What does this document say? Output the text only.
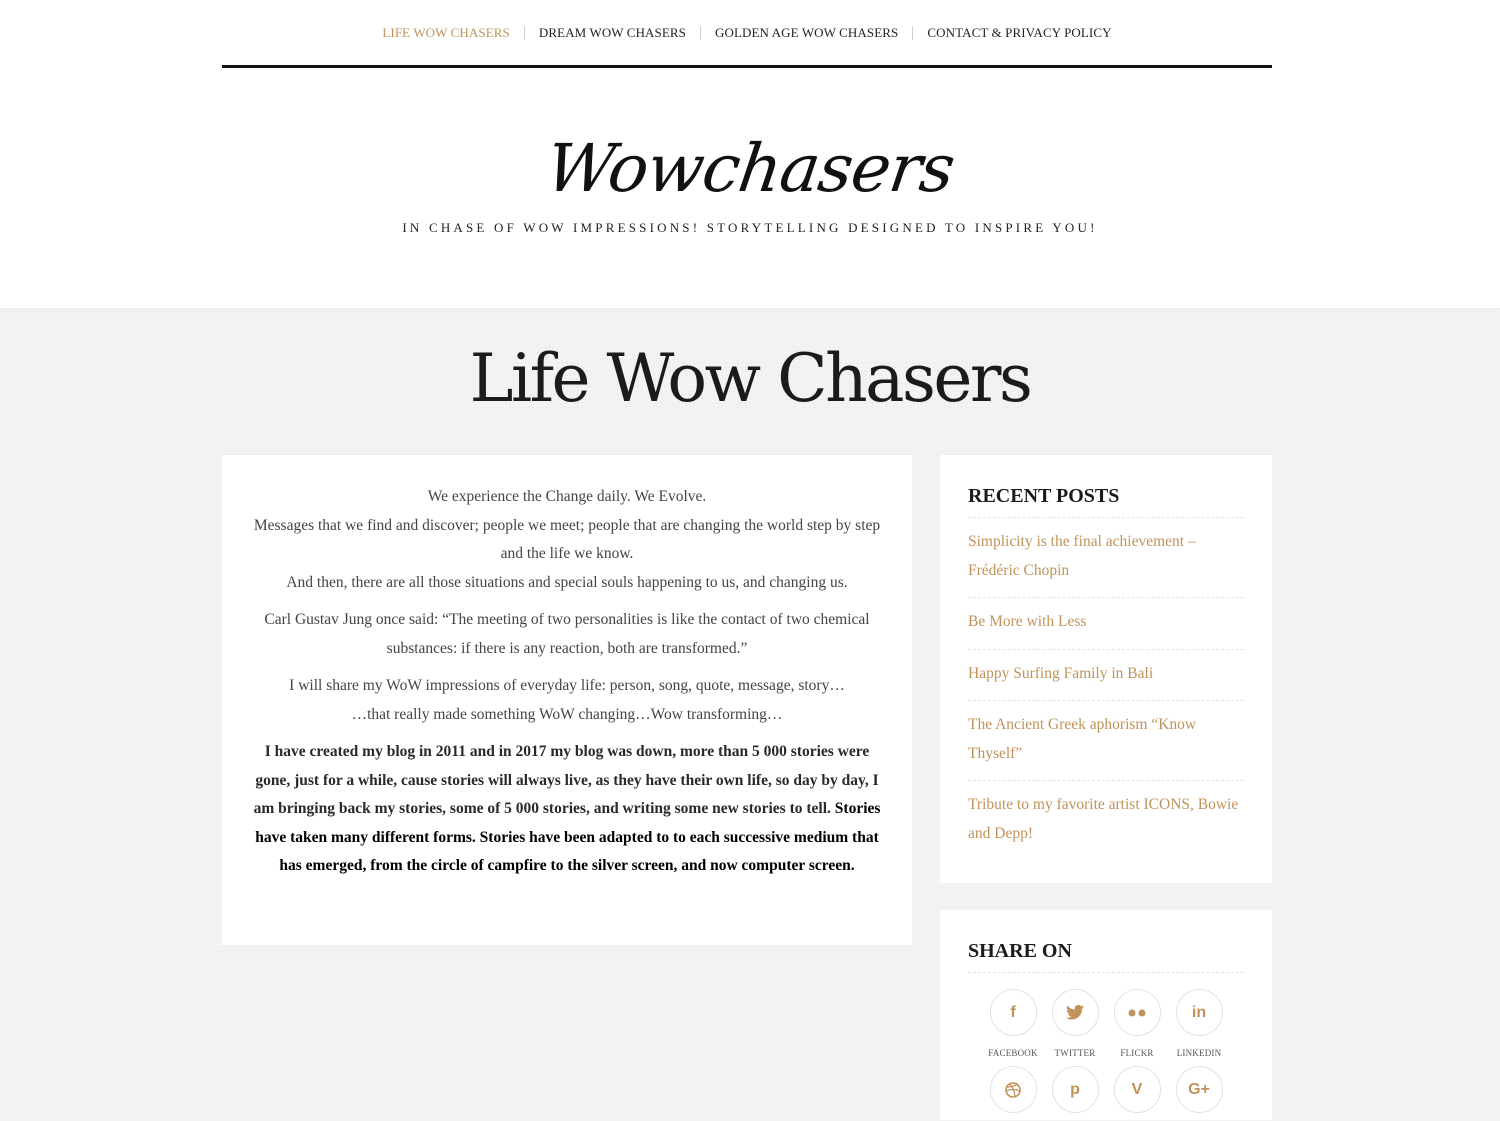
LIFE WOW CHASERS	DREAM WOW CHASERS	GOLDEN AGE WOW CHASERS	CONTACT & PRIVACY POLICY
Wowchasers
IN CHASE OF WOW IMPRESSIONS! STORYTELLING DESIGNED TO INSPIRE YOU!
Life Wow Chasers

We experience the Change daily. We Evolve.
Messages that we find and discover; people we meet; people that are changing the world step by step and the life we know.
And then, there are all those situations and special souls happening to us, and changing us.

Carl Gustav Jung once said: “The meeting of two personalities is like the contact of two chemical substances: if there is any reaction, both are transformed.”

I will share my WoW impressions of everyday life: person, song, quote, message, story…
…that really made something WoW changing…Wow transforming…

I have created my blog in 2011 and in 2017 my blog was down, more than 5 000 stories were gone, just for a while, cause stories will always live, as they have their own life, so day by day, I am bringing back my stories, some of 5 000 stories, and writing some new stories to tell. Stories have taken many different forms. Stories have been adapted to to each successive medium that has emerged, from the circle of campfire to the silver screen, and now computer screen.

RECENT POSTS
Simplicity is the final achievement – Frédéric Chopin
Be More with Less
Happy Surfing Family in Bali
The Ancient Greek aphorism “Know Thyself”
Tribute to my favorite artist ICONS, Bowie and Depp!
SHARE ON
f
FACEBOOK	TWITTER	FLICKR
in
LINKEDIN
p	V	G+
